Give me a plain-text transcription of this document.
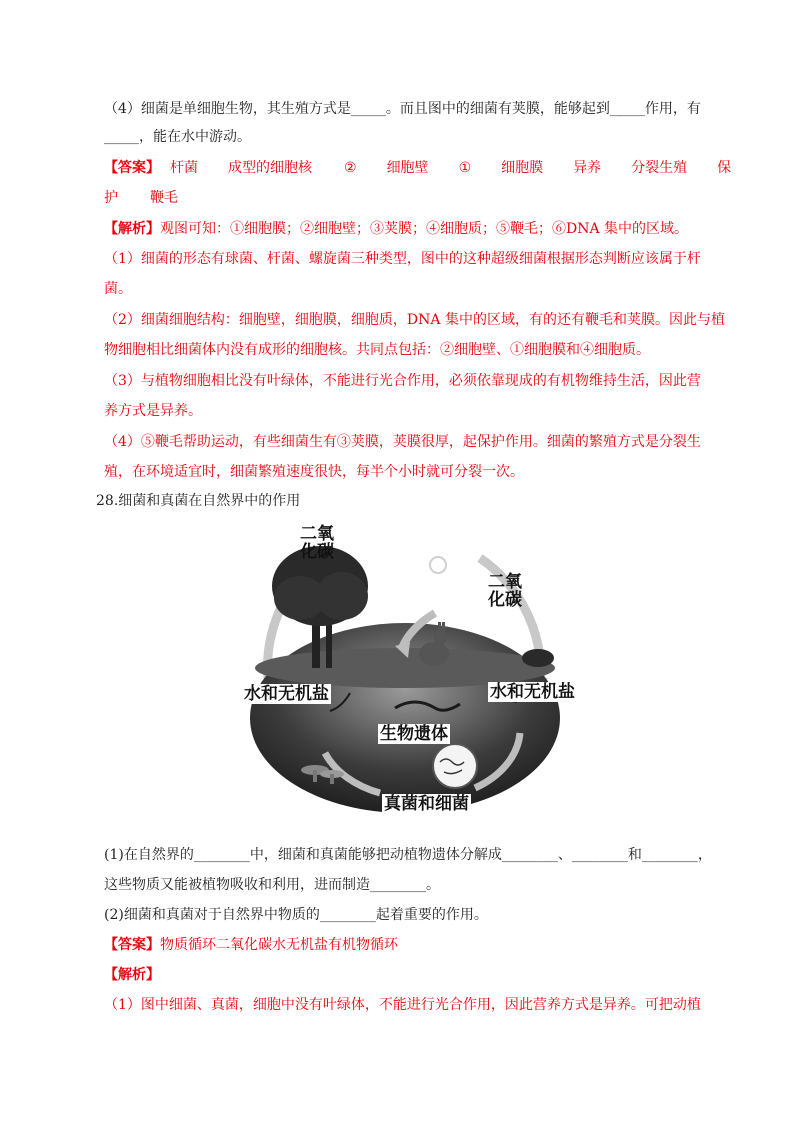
（4）细菌是单细胞生物，其生殖方式是_____。而且图中的细菌有荚膜，能够起到_____作用，有
_____，能在水中游动。
【答案】 杆菌 成型的细胞核 ② 细胞壁 ① 细胞膜 异养 分裂生殖 保
护 鞭毛
【解析】观图可知：①细胞膜；②细胞壁；③荚膜；④细胞质；⑤鞭毛；⑥DNA 集中的区域。
（1）细菌的形态有球菌、杆菌、螺旋菌三种类型，图中的这种超级细菌根据形态判断应该属于杆
菌。
（2）细菌细胞结构：细胞壁，细胞膜，细胞质，DNA 集中的区域，有的还有鞭毛和荚膜。因此与植
物细胞相比细菌体内没有成形的细胞核。共同点包括：②细胞壁、①细胞膜和④细胞质。
（3）与植物细胞相比没有叶绿体，不能进行光合作用，必须依靠现成的有机物维持生活，因此营
养方式是异养。
（4）⑤鞭毛帮助运动，有些细菌生有③荚膜，荚膜很厚，起保护作用。细菌的繁殖方式是分裂生
殖，在环境适宜时，细菌繁殖速度很快，每半个小时就可分裂一次。
28.细菌和真菌在自然界中的作用
二氧
化碳
二氧
化碳
水和无机盐	水和无机盐
生物遗体
真菌和细菌
(1)在自然界的________中，细菌和真菌能够把动植物遗体分解成________、________和________，
这些物质又能被植物吸收和利用，进而制造________。
(2)细菌和真菌对于自然界中物质的________起着重要的作用。
【答案】物质循环二氧化碳水无机盐有机物循环
【解析】
（1）图中细菌、真菌，细胞中没有叶绿体，不能进行光合作用，因此营养方式是异养。可把动植
